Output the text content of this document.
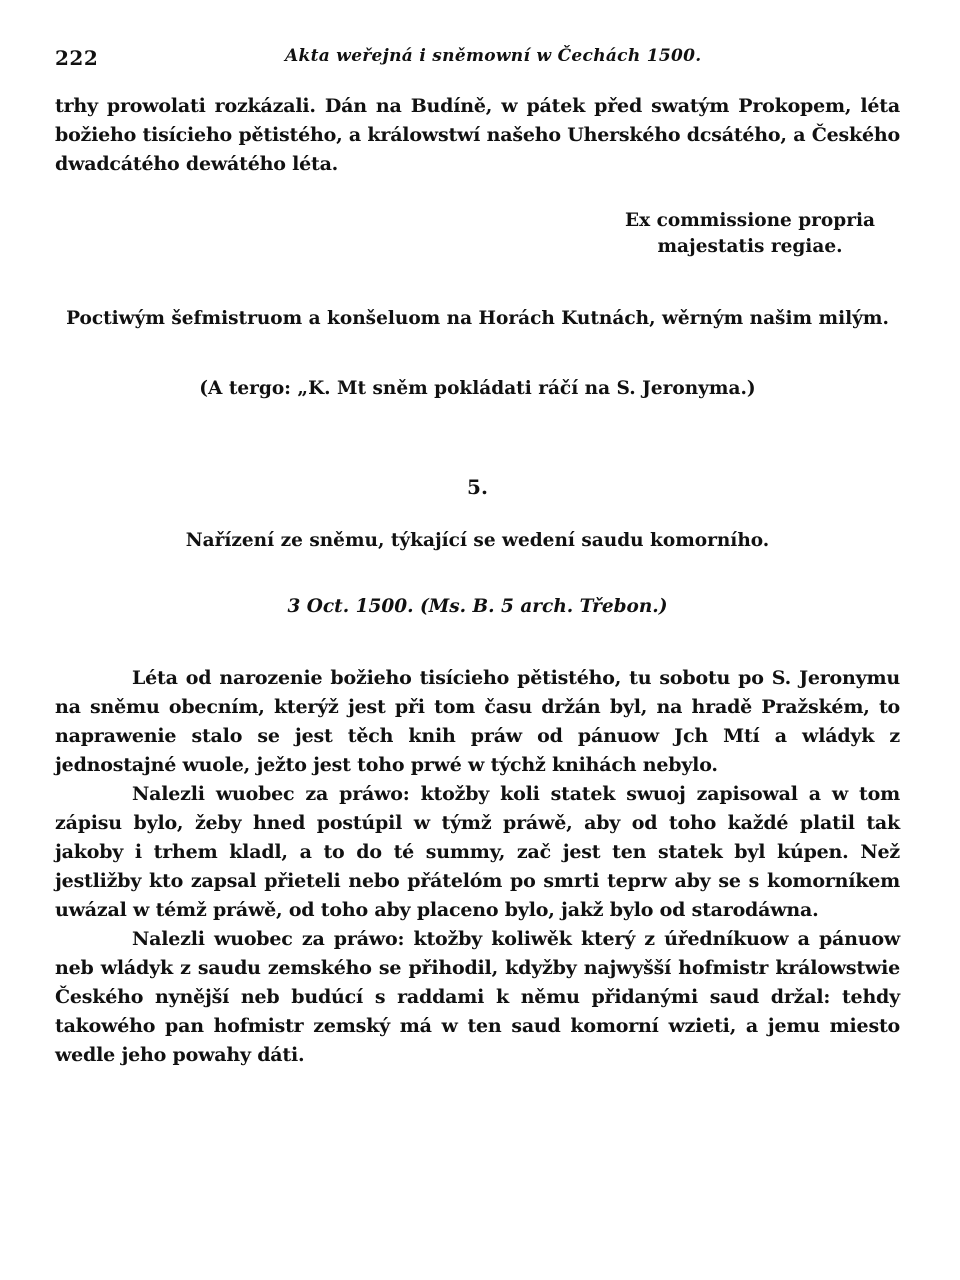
222	Akta weřejná i sněmowní w Čechách 1500.

trhy prowolati rozkázali. Dán na Budíně, w pátek před swatým Prokopem, léta božieho tisícieho pětistého, a králowstwí našeho Uherského dcsátého, a Českého dwadcátého dewátého léta.

Ex commissione propria
majestatis regiae.
Poctiwým šefmistruom a konšeluom na Horách Kutnách, wěrným našim milým.
(A tergo: „K. Mt sněm pokládati ráčí na S. Jeronyma.)
5.
Nařízení ze sněmu, týkající se wedení saudu komorního.
3 Oct. 1500. (Ms. B. 5 arch. Třebon.)

Léta od narozenie božieho tisícieho pětistého, tu sobotu po S. Jeronymu na sněmu obecním, kterýž jest při tom času držán byl, na hradě Pražském, to naprawenie stalo se jest těch knih práw od pánuow Jch Mtí a wládyk z jednostajné wuole, ježto jest toho prwé w týchž knihách nebylo.

Nalezli wuobec za práwo: ktožby koli statek swuoj zapisowal a w tom zápisu bylo, žeby hned postúpil w týmž práwě, aby od toho každé platil tak jakoby i trhem kladl, a to do té summy, zač jest ten statek byl kúpen. Než jestližby kto zapsal přieteli nebo přátelóm po smrti teprw aby se s komorníkem uwázal w témž práwě, od toho aby placeno bylo, jakž bylo od starodáwna.

Nalezli wuobec za práwo: ktožby koliwěk který z úředníkuow a pánuow neb wládyk z saudu zemského se přihodil, kdyžby najwyšší hofmistr králowstwie Českého nynější neb budúcí s raddami k němu přidanými saud držal: tehdy takowého pan hofmistr zemský má w ten saud komorní wzieti, a jemu miesto wedle jeho powahy dáti.
